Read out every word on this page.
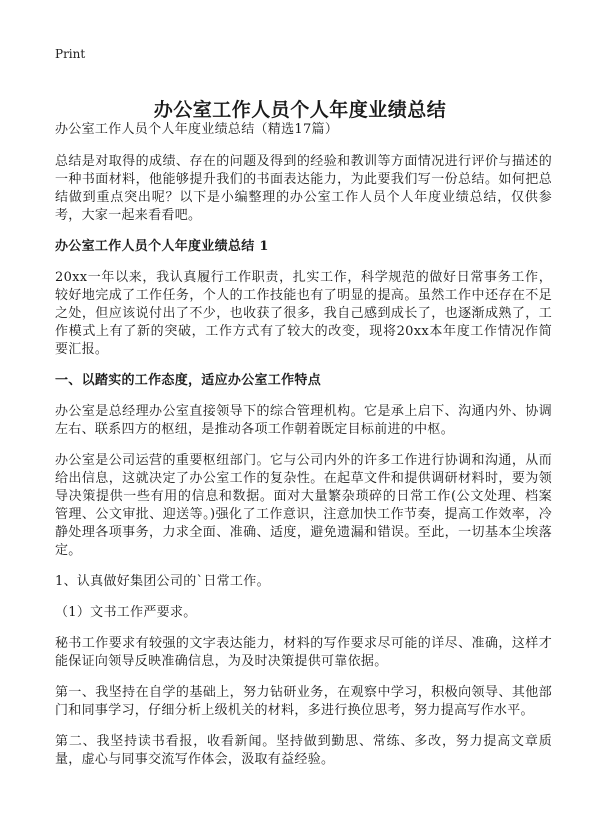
Print
办公室工作人员个人年度业绩总结

办公室工作人员个人年度业绩总结（精选17篇）

总结是对取得的成绩、存在的问题及得到的经验和教训等方面情况进行评价与描述的一种书面材料，他能够提升我们的书面表达能力，为此要我们写一份总结。如何把总结做到重点突出呢？以下是小编整理的办公室工作人员个人年度业绩总结，仅供参考，大家一起来看看吧。

办公室工作人员个人年度业绩总结 1

20xx一年以来，我认真履行工作职责，扎实工作，科学规范的做好日常事务工作，较好地完成了工作任务，个人的工作技能也有了明显的提高。虽然工作中还存在不足之处，但应该说付出了不少，也收获了很多，我自己感到成长了，也逐渐成熟了，工作模式上有了新的突破，工作方式有了较大的改变，现将20xx本年度工作情况作简要汇报。

一、以踏实的工作态度，适应办公室工作特点

办公室是总经理办公室直接领导下的综合管理机构。它是承上启下、沟通内外、协调左右、联系四方的枢纽，是推动各项工作朝着既定目标前进的中枢。

办公室是公司运营的重要枢纽部门。它与公司内外的许多工作进行协调和沟通，从而给出信息，这就决定了办公室工作的复杂性。在起草文件和提供调研材料时，要为领导决策提供一些有用的信息和数据。面对大量繁杂琐碎的日常工作(公文处理、档案管理、公文审批、迎送等。)强化了工作意识，注意加快工作节奏，提高工作效率，冷静处理各项事务，力求全面、准确、适度，避免遗漏和错误。至此，一切基本尘埃落定。

1、认真做好集团公司的`日常工作。

（1）文书工作严要求。

秘书工作要求有较强的文字表达能力，材料的写作要求尽可能的详尽、准确，这样才能保证向领导反映准确信息，为及时决策提供可靠依据。

第一、我坚持在自学的基础上，努力钻研业务，在观察中学习，积极向领导、其他部门和同事学习，仔细分析上级机关的材料，多进行换位思考，努力提高写作水平。

第二、我坚持读书看报，收看新闻。坚持做到勤思、常练、多改，努力提高文章质量，虚心与同事交流写作体会，汲取有益经验。
